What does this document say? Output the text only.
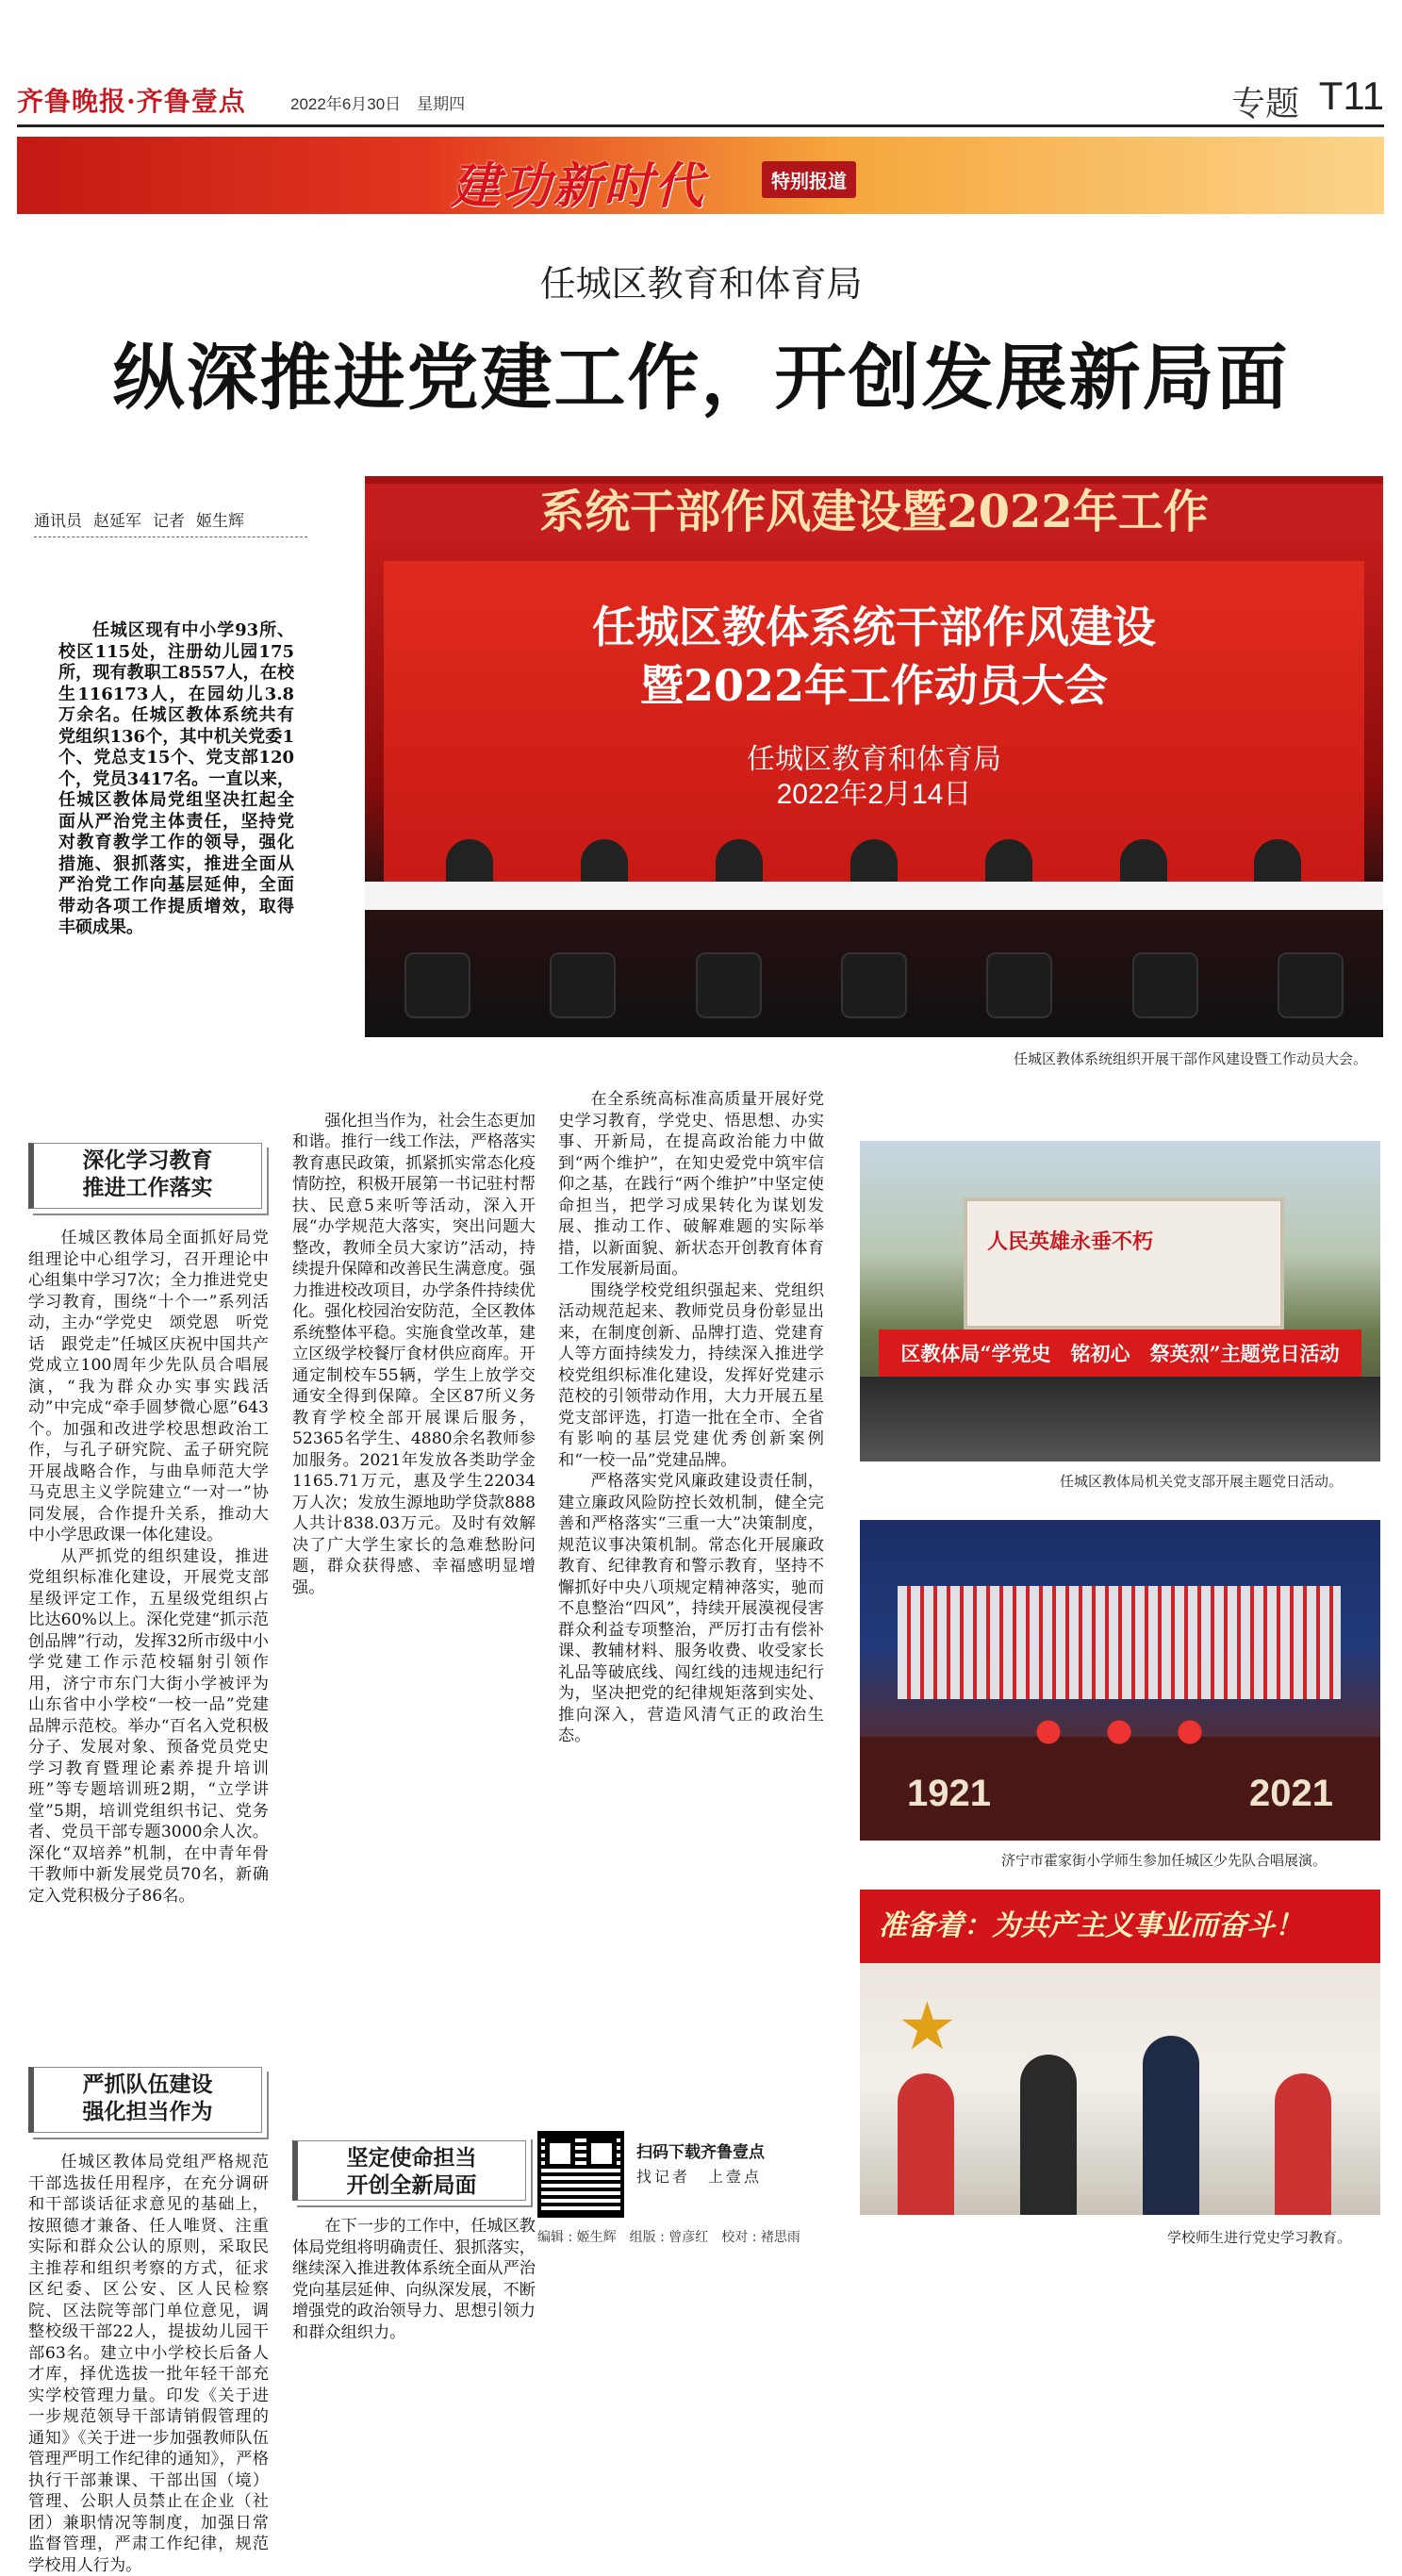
齐鲁晚报·齐鲁壹点	2022年6月30日　星期四	专题 T11
建功新时代	特别报道
任城区教育和体育局
纵深推进党建工作，开创发展新局面
通讯员 赵延军 记者 姬生辉
任城区现有中小学93所、校区115处，注册幼儿园175所，现有教职工8557人，在校生116173人，在园幼儿3.8万余名。任城区教体系统共有党组织136个，其中机关党委1个、党总支15个、党支部120个，党员3417名。一直以来，任城区教体局党组坚决扛起全面从严治党主体责任，坚持党对教育教学工作的领导，强化措施、狠抓落实，推进全面从严治党工作向基层延伸，全面带动各项工作提质增效，取得丰硕成果。
系统干部作风建设暨2022年工作
任城区教体系统干部作风建设
暨2022年工作动员大会
任城区教育和体育局
2022年2月14日
任城区教体系统组织开展干部作风建设暨工作动员大会。
深化学习教育
推进工作落实

任城区教体局全面抓好局党组理论中心组学习，召开理论中心组集中学习7次；全力推进党史学习教育，围绕“十个一”系列活动，主办“学党史　颂党恩　听党话　跟党走”任城区庆祝中国共产党成立100周年少先队员合唱展演，“我为群众办实事实践活动”中完成“牵手圆梦微心愿”643个。加强和改进学校思想政治工作，与孔子研究院、孟子研究院开展战略合作，与曲阜师范大学马克思主义学院建立“一对一”协同发展，合作提升关系，推动大中小学思政课一体化建设。

从严抓党的组织建设，推进党组织标准化建设，开展党支部星级评定工作，五星级党组织占比达60%以上。深化党建“抓示范创品牌”行动，发挥32所市级中小学党建工作示范校辐射引领作用，济宁市东门大街小学被评为山东省中小学校“一校一品”党建品牌示范校。举办“百名入党积极分子、发展对象、预备党员党史学习教育暨理论素养提升培训班”等专题培训班2期，“立学讲堂”5期，培训党组织书记、党务者、党员干部专题3000余人次。深化“双培养”机制，在中青年骨干教师中新发展党员70名，新确定入党积极分子86名。

严抓队伍建设
强化担当作为

任城区教体局党组严格规范干部选拔任用程序，在充分调研和干部谈话征求意见的基础上，按照德才兼备、任人唯贤、注重实际和群众公认的原则，采取民主推荐和组织考察的方式，征求区纪委、区公安、区人民检察院、区法院等部门单位意见，调整校级干部22人，提拔幼儿园干部63名。建立中小学校长后备人才库，择优选拔一批年轻干部充实学校管理力量。印发《关于进一步规范领导干部请销假管理的通知》《关于进一步加强教师队伍管理严明工作纪律的通知》，严格执行干部兼课、干部出国（境）管理、公职人员禁止在企业（社团）兼职情况等制度，加强日常监督管理，严肃工作纪律，规范学校用人行为。

强化担当作为，社会生态更加和谐。推行一线工作法，严格落实教育惠民政策，抓紧抓实常态化疫情防控，积极开展第一书记驻村帮扶、民意5来听等活动，深入开展“办学规范大落实，突出问题大整改，教师全员大家访”活动，持续提升保障和改善民生满意度。强力推进校改项目，办学条件持续优化。强化校园治安防范，全区教体系统整体平稳。实施食堂改革，建立区级学校餐厅食材供应商库。开通定制校车55辆，学生上放学交通安全得到保障。全区87所义务教育学校全部开展课后服务，52365名学生、4880余名教师参加服务。2021年发放各类助学金1165.71万元，惠及学生22034万人次；发放生源地助学贷款888人共计838.03万元。及时有效解决了广大学生家长的急难愁盼问题，群众获得感、幸福感明显增强。

坚定使命担当
开创全新局面

在下一步的工作中，任城区教体局党组将明确责任、狠抓落实，继续深入推进教体系统全面从严治党向基层延伸、向纵深发展，不断增强党的政治领导力、思想引领力和群众组织力。

在全系统高标准高质量开展好党史学习教育，学党史、悟思想、办实事、开新局，在提高政治能力中做到“两个维护”，在知史爱党中筑牢信仰之基，在践行“两个维护”中坚定使命担当，把学习成果转化为谋划发展、推动工作、破解难题的实际举措，以新面貌、新状态开创教育体育工作发展新局面。

围绕学校党组织强起来、党组织活动规范起来、教师党员身份彰显出来，在制度创新、品牌打造、党建育人等方面持续发力，持续深入推进学校党组织标准化建设，发挥好党建示范校的引领带动作用，大力开展五星党支部评选，打造一批在全市、全省有影响的基层党建优秀创新案例和“一校一品”党建品牌。

严格落实党风廉政建设责任制，建立廉政风险防控长效机制，健全完善和严格落实“三重一大”决策制度，规范议事决策机制。常态化开展廉政教育、纪律教育和警示教育，坚持不懈抓好中央八项规定精神落实，驰而不息整治“四风”，持续开展漠视侵害群众利益专项整治，严厉打击有偿补课、教辅材料、服务收费、收受家长礼品等破底线、闯红线的违规违纪行为，坚决把党的纪律规矩落到实处、推向深入，营造风清气正的政治生态。

人民英雄永垂不朽
区教体局“学党史　铭初心　祭英烈”主题党日活动
任城区教体局机关党支部开展主题党日活动。
1921	2021
济宁市霍家街小学师生参加任城区少先队合唱展演。
准备着：为共产主义事业而奋斗！
★
学校师生进行党史学习教育。
扫码下载齐鲁壹点
找记者　上壹点
编辑 : 姬生辉 组版 : 曾彦红 校对 : 褚思雨
